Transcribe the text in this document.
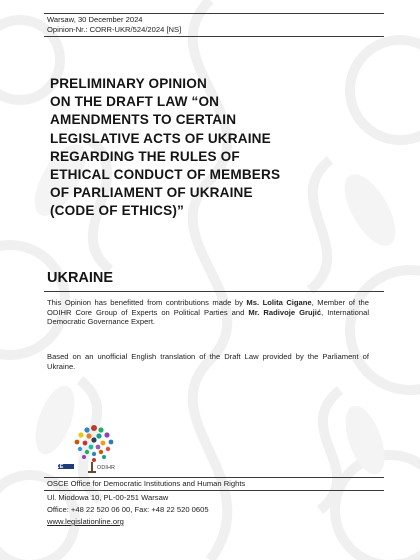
Warsaw, 30 December 2024
Opinion-Nr.: CORR-UKR/524/2024 [NS]
PRELIMINARY OPINION
ON THE DRAFT LAW “ON
AMENDMENTS TO CERTAIN
LEGISLATIVE ACTS OF UKRAINE
REGARDING THE RULES OF
ETHICAL CONDUCT OF MEMBERS
OF PARLIAMENT OF UKRAINE
(CODE OF ETHICS)”
UKRAINE
This Opinion has benefitted from contributions made by Ms. Lolita Cigane, Member of the ODIHR Core Group of Experts on Political Parties and Mr. Radivoje Grujić, International Democratic Governance Expert.
Based on an unofficial English translation of the Draft Law provided by the Parliament of Ukraine.
OSCE	ODIHR
OSCE Office for Democratic Institutions and Human Rights
Ul. Miodowa 10, PL-00-251 Warsaw
Office: +48 22 520 06 00, Fax: +48 22 520 0605
www.legislationline.org
